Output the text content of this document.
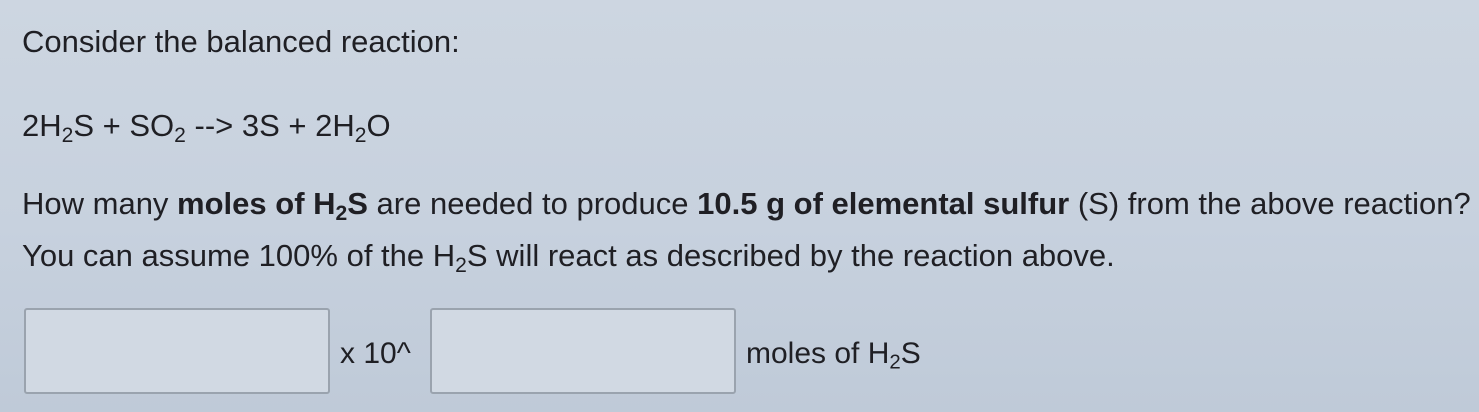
Consider the balanced reaction:

$2H_2S + SO_2$ --> $3S + 2H_2O$

How many moles of $H_2S$ are needed to produce 10.5 g of elemental sulfur (S) from the above reaction? You can assume 100% of the $H_2S$ will react as described by the reaction above.

x 10^	moles of $H_2S$
